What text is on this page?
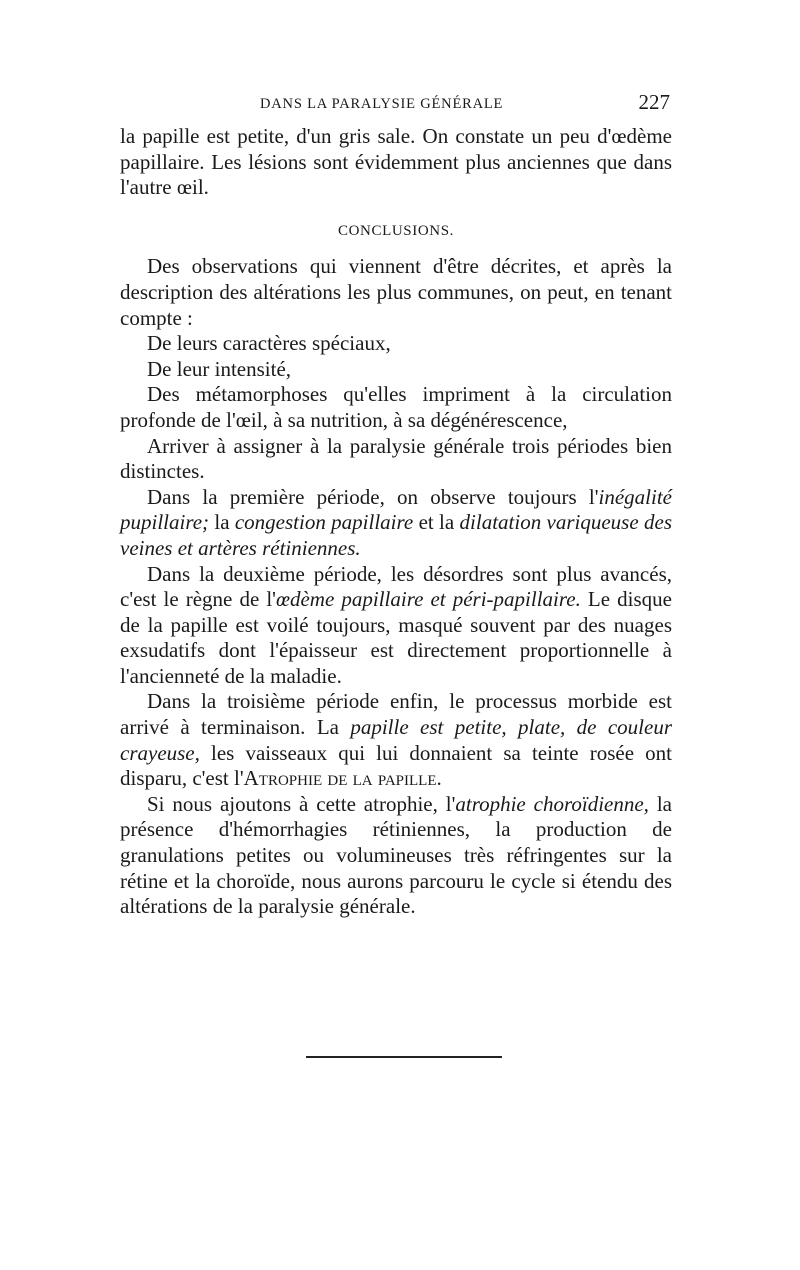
DANS LA PARALYSIE GÉNÉRALE	227

la papille est petite, d'un gris sale. On constate un peu d'œdème papillaire. Les lésions sont évidemment plus anciennes que dans l'autre œil.

CONCLUSIONS.

Des observations qui viennent d'être décrites, et après la description des altérations les plus communes, on peut, en tenant compte :

De leurs caractères spéciaux,

De leur intensité,

Des métamorphoses qu'elles impriment à la circulation profonde de l'œil, à sa nutrition, à sa dégénérescence,

Arriver à assigner à la paralysie générale trois périodes bien distinctes.

Dans la première période, on observe toujours l'inégalité pupillaire; la congestion papillaire et la dilatation variqueuse des veines et artères rétiniennes.

Dans la deuxième période, les désordres sont plus avancés, c'est le règne de l'œdème papillaire et péri-papillaire. Le disque de la papille est voilé toujours, masqué souvent par des nuages exsudatifs dont l'épaisseur est directement proportionnelle à l'ancienneté de la maladie.

Dans la troisième période enfin, le processus morbide est arrivé à terminaison. La papille est petite, plate, de couleur crayeuse, les vaisseaux qui lui donnaient sa teinte rosée ont disparu, c'est l'Atrophie de la papille.

Si nous ajoutons à cette atrophie, l'atrophie choroïdienne, la présence d'hémorrhagies rétiniennes, la production de granulations petites ou volumineuses très réfringentes sur la rétine et la choroïde, nous aurons parcouru le cycle si étendu des altérations de la paralysie générale.
